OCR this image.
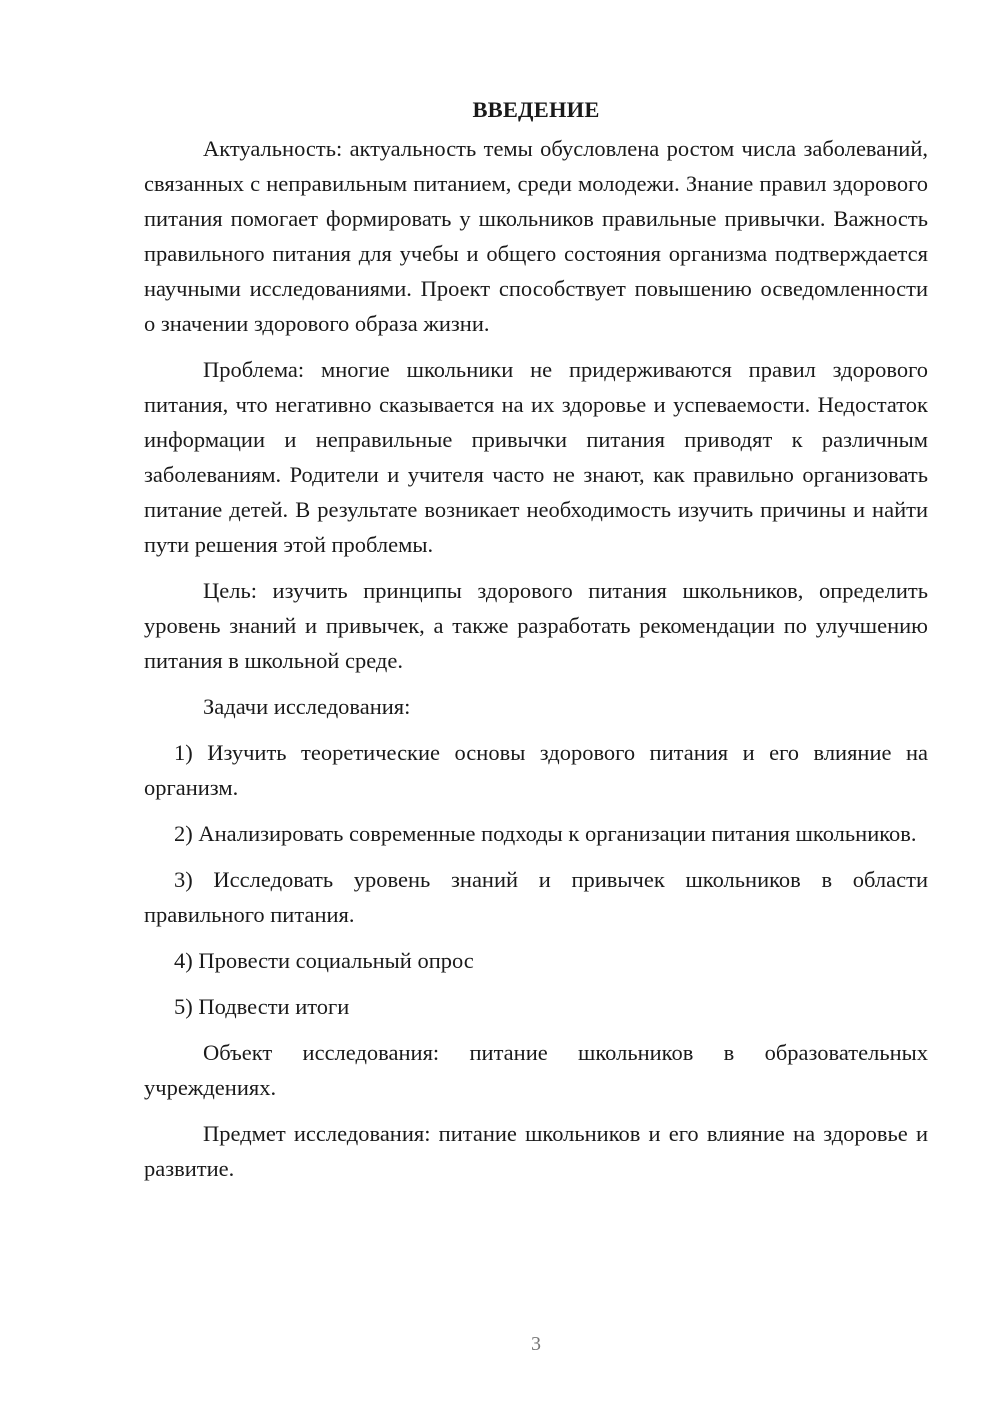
ВВЕДЕНИЕ

Актуальность: актуальность темы обусловлена ростом числа заболеваний, связанных с неправильным питанием, среди молодежи. Знание правил здорового питания помогает формировать у школьников правильные привычки. Важность правильного питания для учебы и общего состояния организма подтверждается научными исследованиями. Проект способствует повышению осведомленности о значении здорового образа жизни.

Проблема: многие школьники не придерживаются правил здорового питания, что негативно сказывается на их здоровье и успеваемости. Недостаток информации и неправильные привычки питания приводят к различным заболеваниям. Родители и учителя часто не знают, как правильно организовать питание детей. В результате возникает необходимость изучить причины и найти пути решения этой проблемы.

Цель: изучить принципы здорового питания школьников, определить уровень знаний и привычек, а также разработать рекомендации по улучшению питания в школьной среде.

Задачи исследования:

1) Изучить теоретические основы здорового питания и его влияние на организм.

2) Анализировать современные подходы к организации питания школьников.

3) Исследовать уровень знаний и привычек школьников в области правильного питания.

4) Провести социальный опрос

5) Подвести итоги

Объект исследования: питание школьников в образовательных учреждениях.

Предмет исследования: питание школьников и его влияние на здоровье и развитие.

3
